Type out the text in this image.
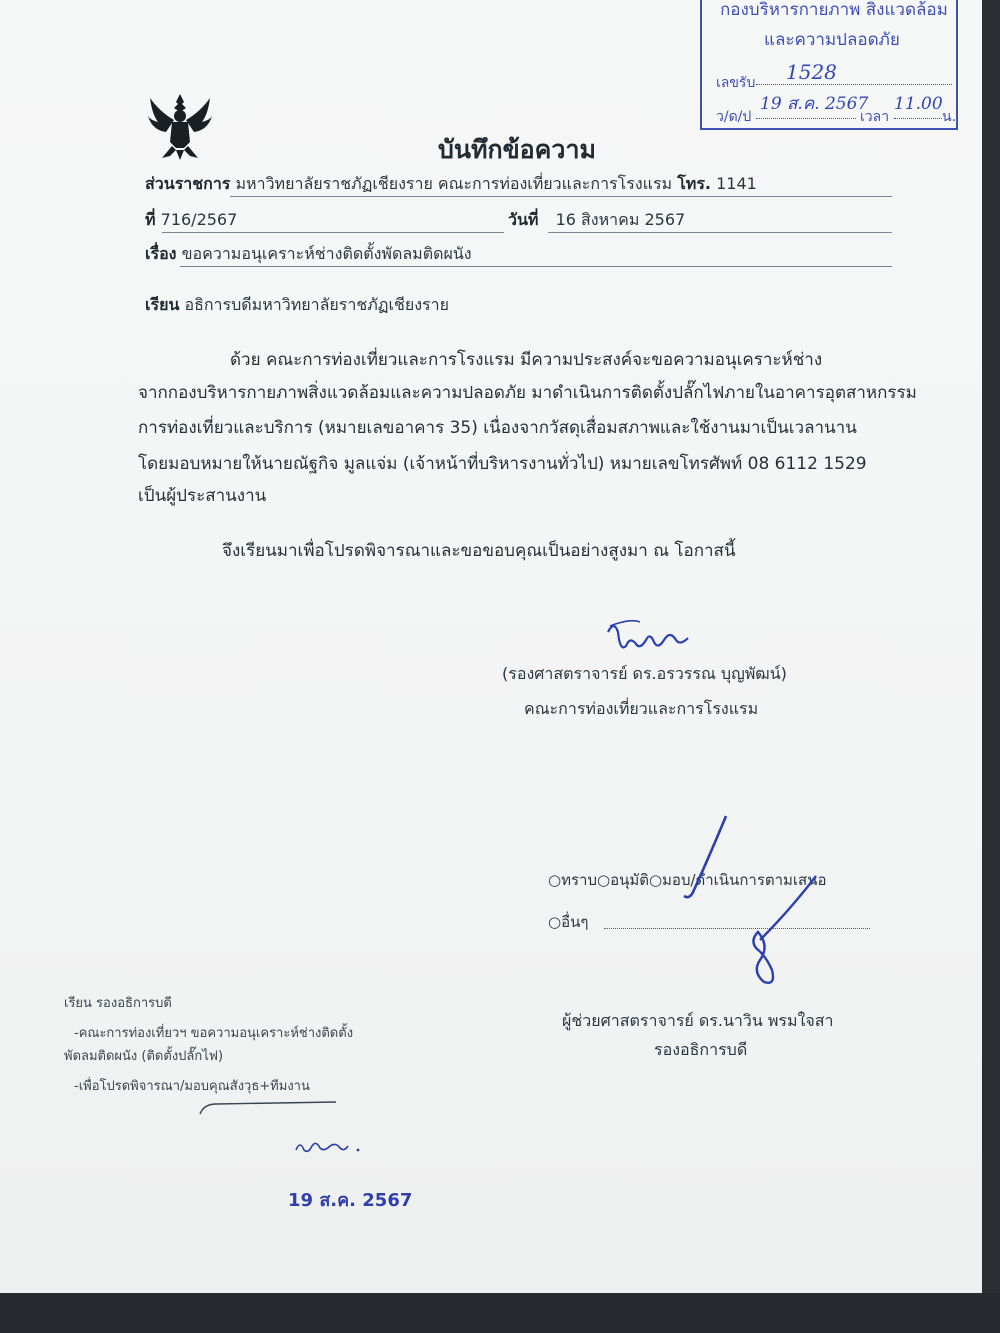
กองบริหารกายภาพ สิ่งแวดล้อม
และความปลอดภัย
เลขรับ 1528
ว/ด/ป
19 ส.ค. 2567
เวลา
11.00
น.
บันทึกข้อความ
ส่วนราชการ มหาวิทยาลัยราชภัฏเชียงราย คณะการท่องเที่ยวและการโรงแรม โทร. 1141
ที่ 716/2567	วันที่ 16 สิงหาคม 2567
เรื่อง ขอความอนุเคราะห์ช่างติดตั้งพัดลมติดผนัง
เรียน อธิการบดีมหาวิทยาลัยราชภัฏเชียงราย
ด้วย คณะการท่องเที่ยวและการโรงแรม มีความประสงค์จะขอความอนุเคราะห์ช่าง
จากกองบริหารกายภาพสิ่งแวดล้อมและความปลอดภัย มาดำเนินการติดตั้งปลั๊กไฟภายในอาคารอุตสาหกรรม
การท่องเที่ยวและบริการ (หมายเลขอาคาร 35) เนื่องจากวัสดุเสื่อมสภาพและใช้งานมาเป็นเวลานาน
โดยมอบหมายให้นายณัฐกิจ มูลแจ่ม (เจ้าหน้าที่บริหารงานทั่วไป) หมายเลขโทรศัพท์ 08 6112 1529
เป็นผู้ประสานงาน
จึงเรียนมาเพื่อโปรดพิจารณาและขอขอบคุณเป็นอย่างสูงมา ณ โอกาสนี้
(รองศาสตราจารย์ ดร.อรวรรณ บุญพัฒน์)
คณะการท่องเที่ยวและการโรงแรม
○ทราบ○อนุมัติ○มอบ/ดำเนินการตามเสนอ
○อื่นๆ
ผู้ช่วยศาสตราจารย์ ดร.นาวิน พรมใจสา
รองอธิการบดี
เรียน รองอธิการบดี
-คณะการท่องเที่ยวฯ ขอความอนุเคราะห์ช่างติดตั้ง
พัดลมติดผนัง (ติดตั้งปลั๊กไฟ)
-เพื่อโปรดพิจารณา/มอบคุณสังวุธ+ทีมงาน
19 ส.ค. 2567
